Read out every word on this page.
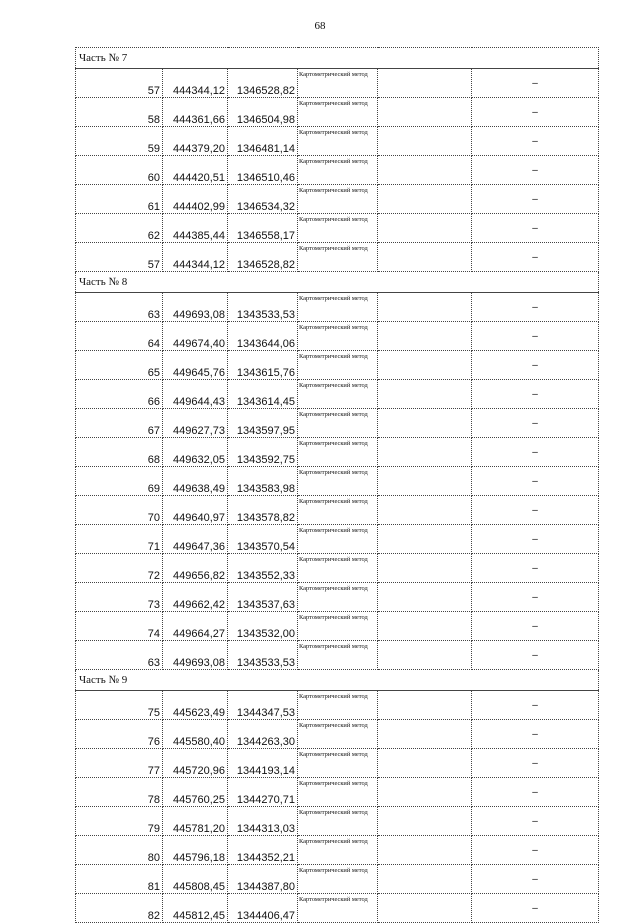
68
Часть № 7					
57	444344,12	1346528,82	Картометрический метод		–
58	444361,66	1346504,98	Картометрический метод		–
59	444379,20	1346481,14	Картометрический метод		–
60	444420,51	1346510,46	Картометрический метод		–
61	444402,99	1346534,32	Картометрический метод		–
62	444385,44	1346558,17	Картометрический метод		–
57	444344,12	1346528,82	Картометрический метод		–
Часть № 8					
63	449693,08	1343533,53	Картометрический метод		–
64	449674,40	1343644,06	Картометрический метод		–
65	449645,76	1343615,76	Картометрический метод		–
66	449644,43	1343614,45	Картометрический метод		–
67	449627,73	1343597,95	Картометрический метод		–
68	449632,05	1343592,75	Картометрический метод		–
69	449638,49	1343583,98	Картометрический метод		–
70	449640,97	1343578,82	Картометрический метод		–
71	449647,36	1343570,54	Картометрический метод		–
72	449656,82	1343552,33	Картометрический метод		–
73	449662,42	1343537,63	Картометрический метод		–
74	449664,27	1343532,00	Картометрический метод		–
63	449693,08	1343533,53	Картометрический метод		–
Часть № 9					
75	445623,49	1344347,53	Картометрический метод		–
76	445580,40	1344263,30	Картометрический метод		–
77	445720,96	1344193,14	Картометрический метод		–
78	445760,25	1344270,71	Картометрический метод		–
79	445781,20	1344313,03	Картометрический метод		–
80	445796,18	1344352,21	Картометрический метод		–
81	445808,45	1344387,80	Картометрический метод		–
82	445812,45	1344406,47	Картометрический метод		–
